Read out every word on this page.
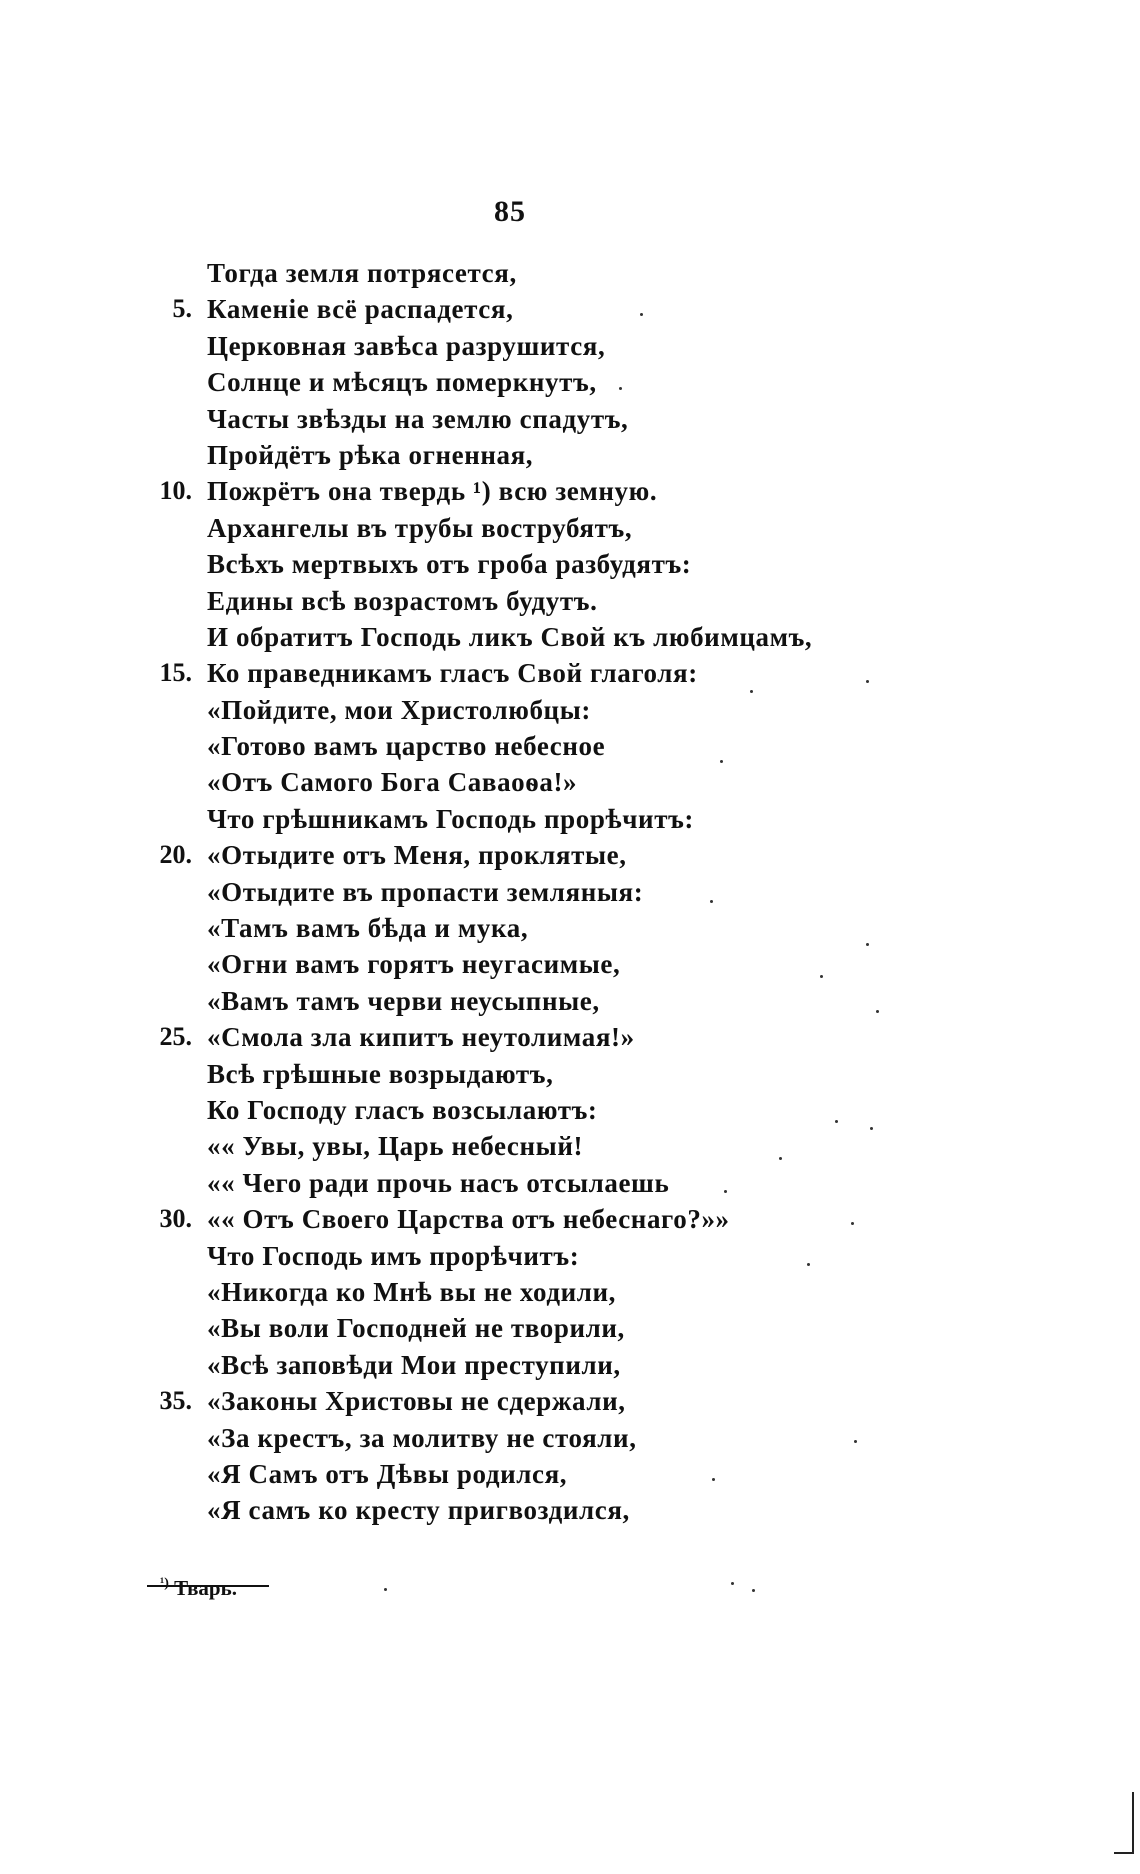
85
Тогда земля потрясется,
5. Каменіе всё распадется,
Церковная завѣса разрушится,
Солнце и мѣсяцъ померкнутъ,
Часты звѣзды на землю спадутъ,
Пройдётъ рѣка огненная,
10. Пожрётъ она твердь ¹) всю земную.
Архангелы въ трубы вострубятъ,
Всѣхъ мертвыхъ отъ гроба разбудятъ:
Едины всѣ возрастомъ будутъ.
И обратитъ Господь ликъ Свой къ любимцамъ,
15. Ко праведникамъ гласъ Свой глаголя:
«Пойдите, мои Христолюбцы:
«Готово вамъ царство небесное
«Отъ Самого Бога Саваоѳа!»
Что грѣшникамъ Господь прорѣчитъ:
20. «Отыдите отъ Меня, проклятые,
«Отыдите въ пропасти земляныя:
«Тамъ вамъ бѣда и мука,
«Огни вамъ горятъ неугасимые,
«Вамъ тамъ черви неусыпные,
25. «Смола зла кипитъ неутолимая!»
Всѣ грѣшные возрыдаютъ,
Ко Господу гласъ возсылаютъ:
«« Увы, увы, Царь небесный!
«« Чего ради прочь насъ отсылаешь
30. «« Отъ Своего Царства отъ небеснаго?»»
Что Господь имъ прорѣчитъ:
«Никогда ко Мнѣ вы не ходили,
«Вы воли Господней не творили,
«Всѣ заповѣди Мои преступили,
35. «Законы Христовы не сдержали,
«За крестъ, за молитву не стояли,
«Я Самъ отъ Дѣвы родился,
«Я самъ ко кресту пригвоздился,
$^{^1)}$ Тварь.
